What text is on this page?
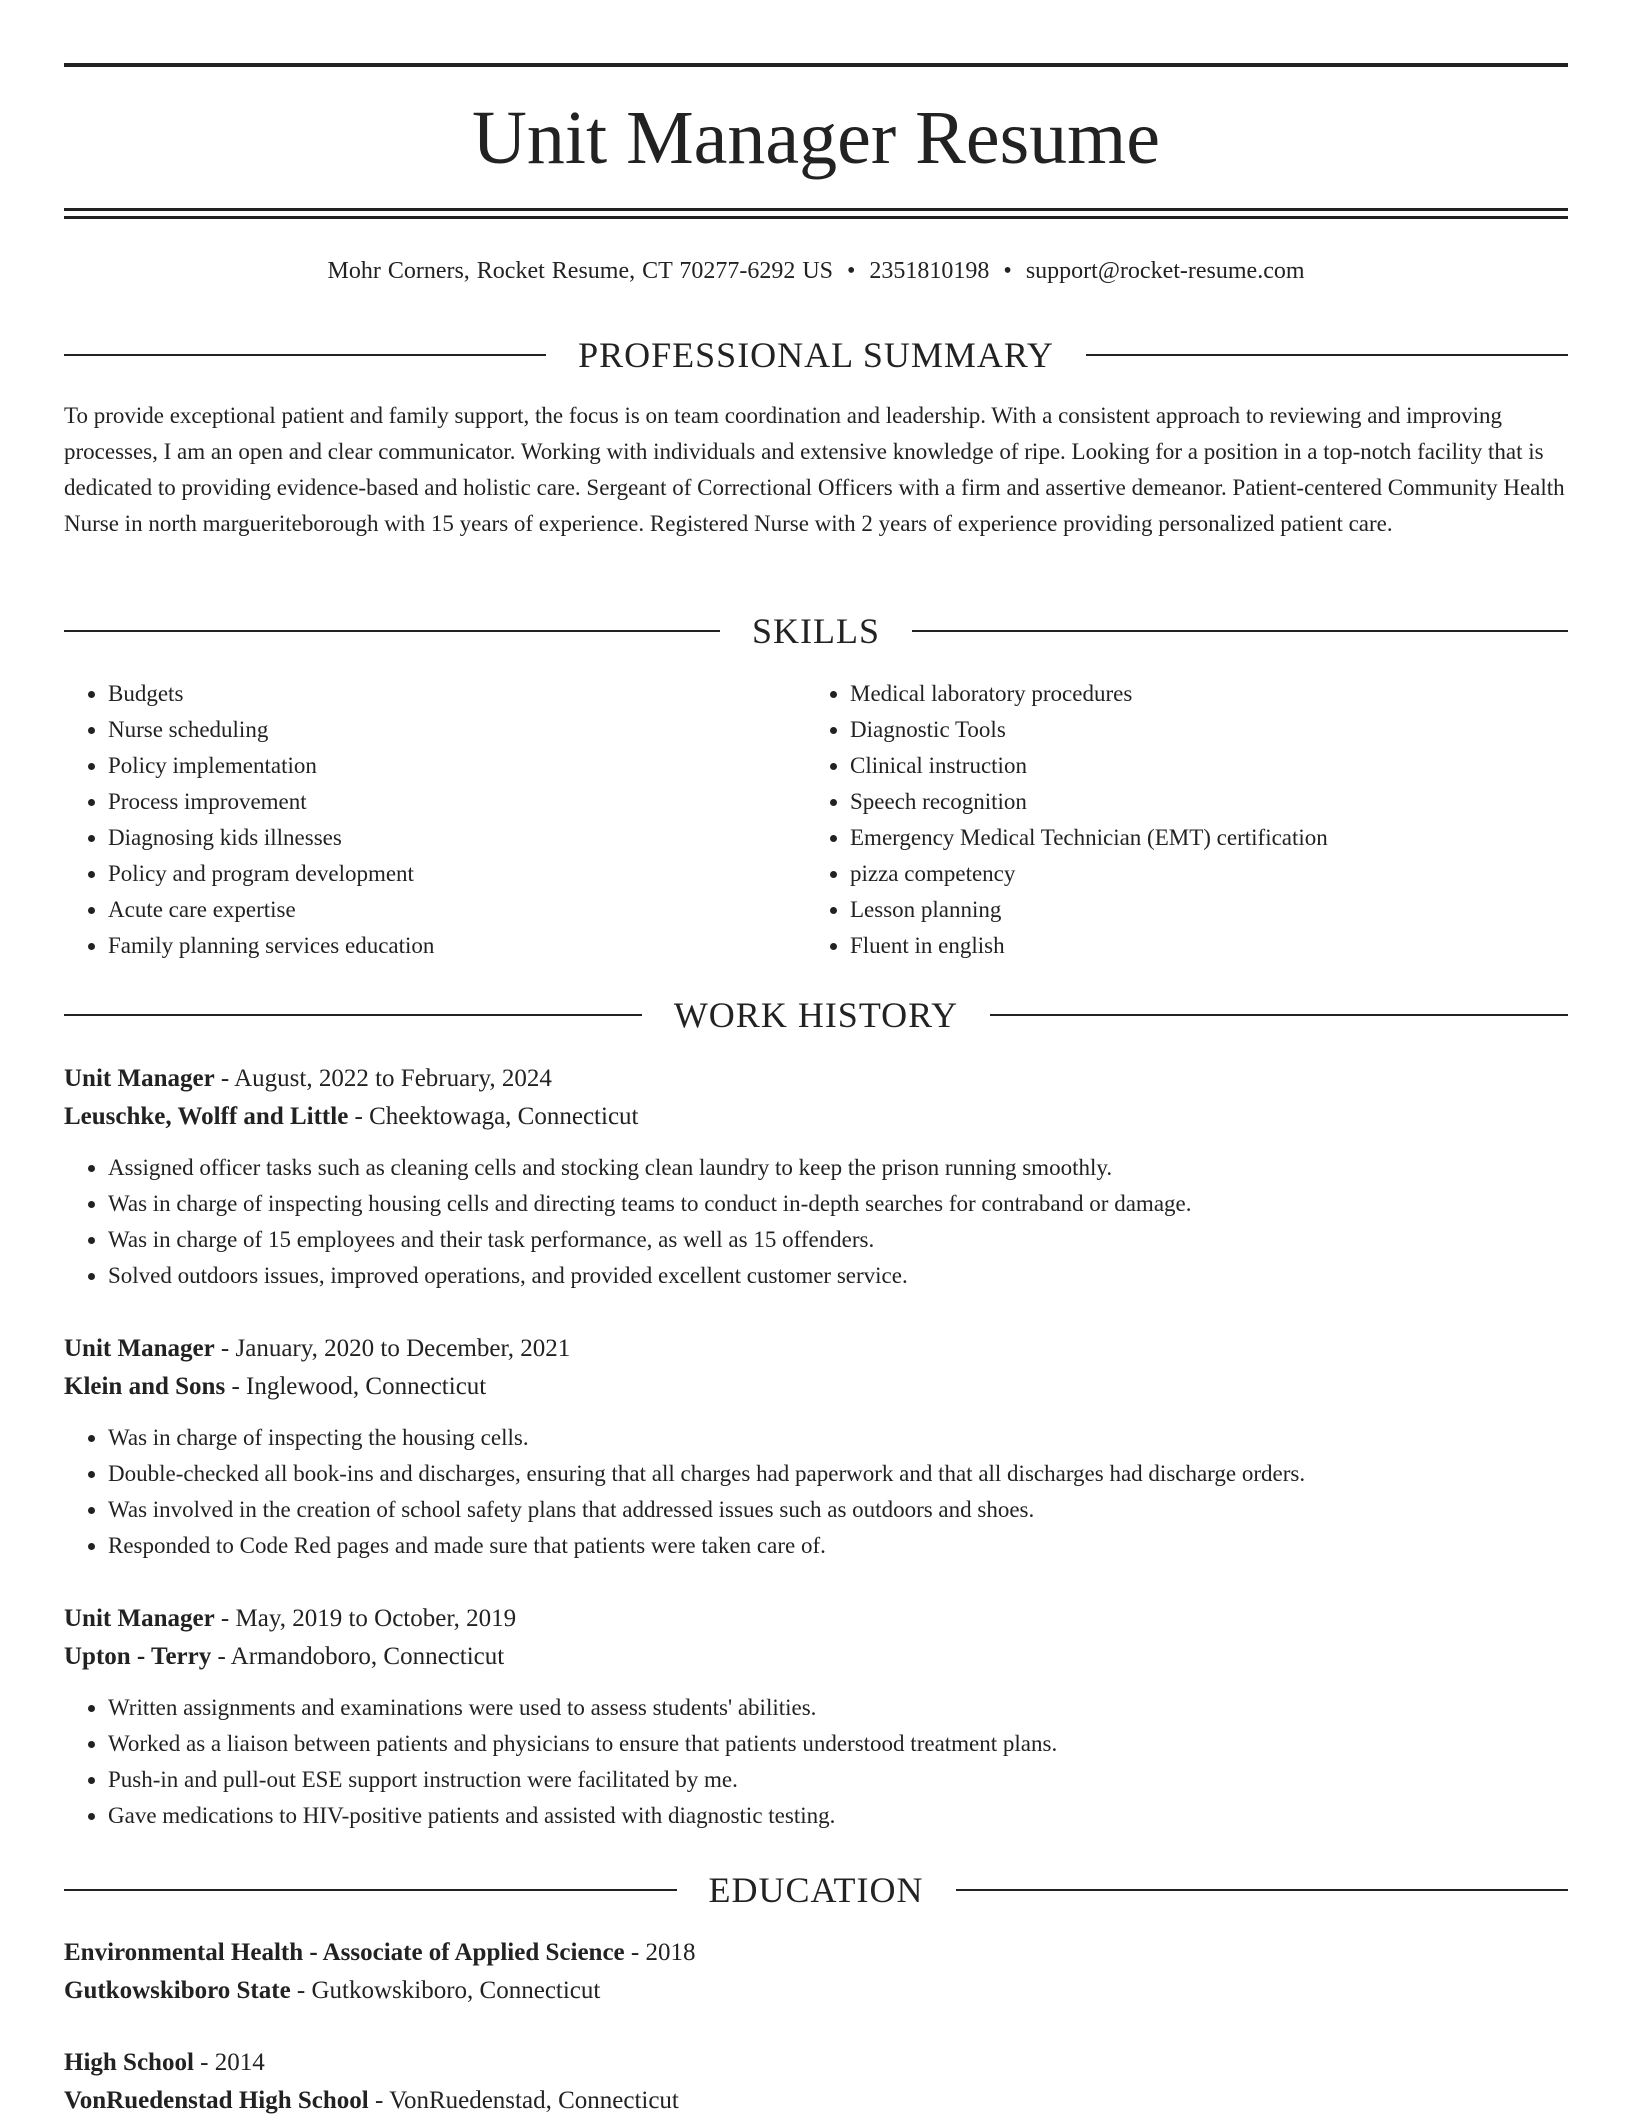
Unit Manager Resume
Mohr Corners, Rocket Resume, CT 70277-6292 US • 2351810198 • support@rocket-resume.com
PROFESSIONAL SUMMARY

To provide exceptional patient and family support, the focus is on team coordination and leadership. With a consistent approach to reviewing and improving processes, I am an open and clear communicator. Working with individuals and extensive knowledge of ripe. Looking for a position in a top-notch facility that is dedicated to providing evidence-based and holistic care. Sergeant of Correctional Officers with a firm and assertive demeanor. Patient-centered Community Health Nurse in north margueriteborough with 15 years of experience. Registered Nurse with 2 years of experience providing personalized patient care.

SKILLS
• Budgets
• Nurse scheduling
• Policy implementation
• Process improvement
• Diagnosing kids illnesses
• Policy and program development
• Acute care expertise
• Family planning services education
• Medical laboratory procedures
• Diagnostic Tools
• Clinical instruction
• Speech recognition
• Emergency Medical Technician (EMT) certification
• pizza competency
• Lesson planning
• Fluent in english
WORK HISTORY

Unit Manager - August, 2022 to February, 2024

Leuschke, Wolff and Little - Cheektowaga, Connecticut

• Assigned officer tasks such as cleaning cells and stocking clean laundry to keep the prison running smoothly.
• Was in charge of inspecting housing cells and directing teams to conduct in-depth searches for contraband or damage.
• Was in charge of 15 employees and their task performance, as well as 15 offenders.
• Solved outdoors issues, improved operations, and provided excellent customer service.

Unit Manager - January, 2020 to December, 2021

Klein and Sons - Inglewood, Connecticut

• Was in charge of inspecting the housing cells.
• Double-checked all book-ins and discharges, ensuring that all charges had paperwork and that all discharges had discharge orders.
• Was involved in the creation of school safety plans that addressed issues such as outdoors and shoes.
• Responded to Code Red pages and made sure that patients were taken care of.

Unit Manager - May, 2019 to October, 2019

Upton - Terry - Armandoboro, Connecticut

• Written assignments and examinations were used to assess students' abilities.
• Worked as a liaison between patients and physicians to ensure that patients understood treatment plans.
• Push-in and pull-out ESE support instruction were facilitated by me.
• Gave medications to HIV-positive patients and assisted with diagnostic testing.
EDUCATION

Environmental Health - Associate of Applied Science - 2018

Gutkowskiboro State - Gutkowskiboro, Connecticut

High School - 2014

VonRuedenstad High School - VonRuedenstad, Connecticut
